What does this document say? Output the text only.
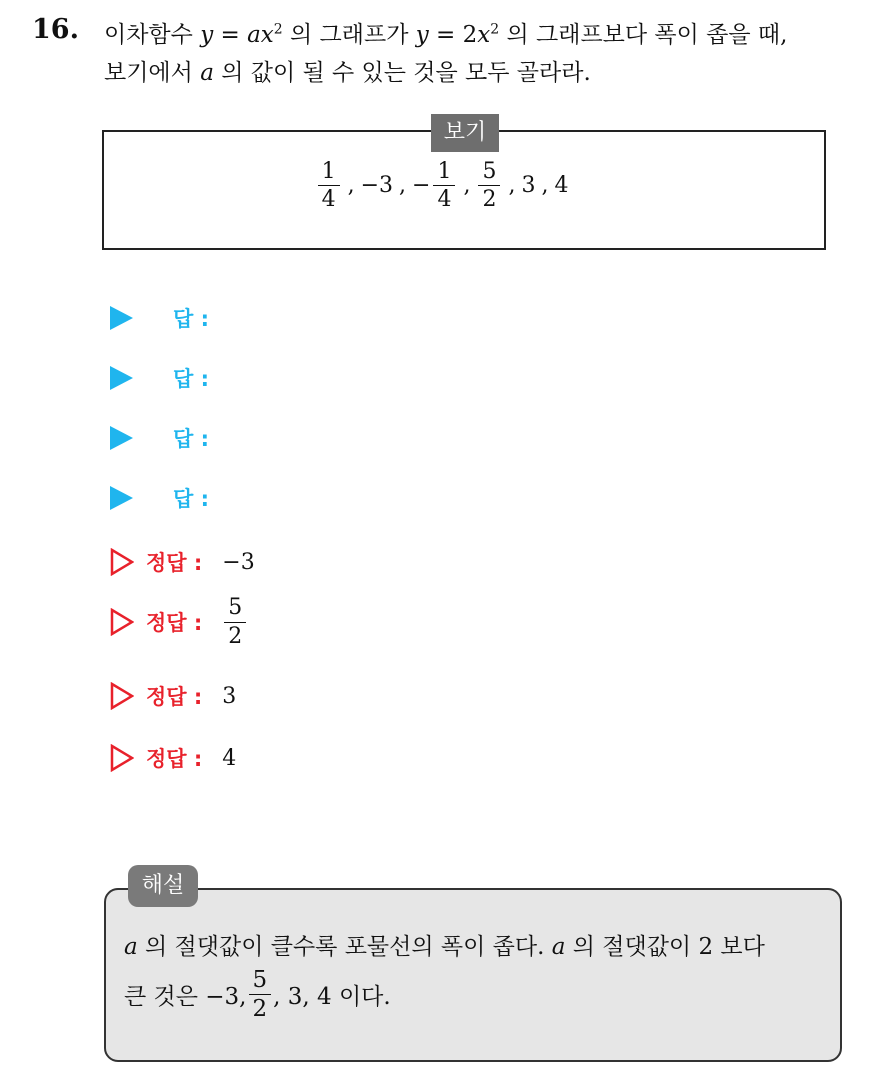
16. 이차함수 $y = ax^2$ 의 그래프가 $y = 2x^2$ 의 그래프보다 폭이 좁을 때,
보기에서 a 의 값이 될 수 있는 것을 모두 골라라.
보기
$\frac{1}{4}$ , −3 , − $\frac{1}{4}$ , $\frac{5}{2}$ , 3 , 4
답 :
답 :
답 :
답 :
정답 : −3
정답 : $\frac{5}{2}$
정답 : 3
정답 : 4
해설
a 의 절댓값이 클수록 포물선의 폭이 좁다. a 의 절댓값이 2 보다
큰 것은 −3, $\frac{5}{2}$ , 3, 4 이다.
